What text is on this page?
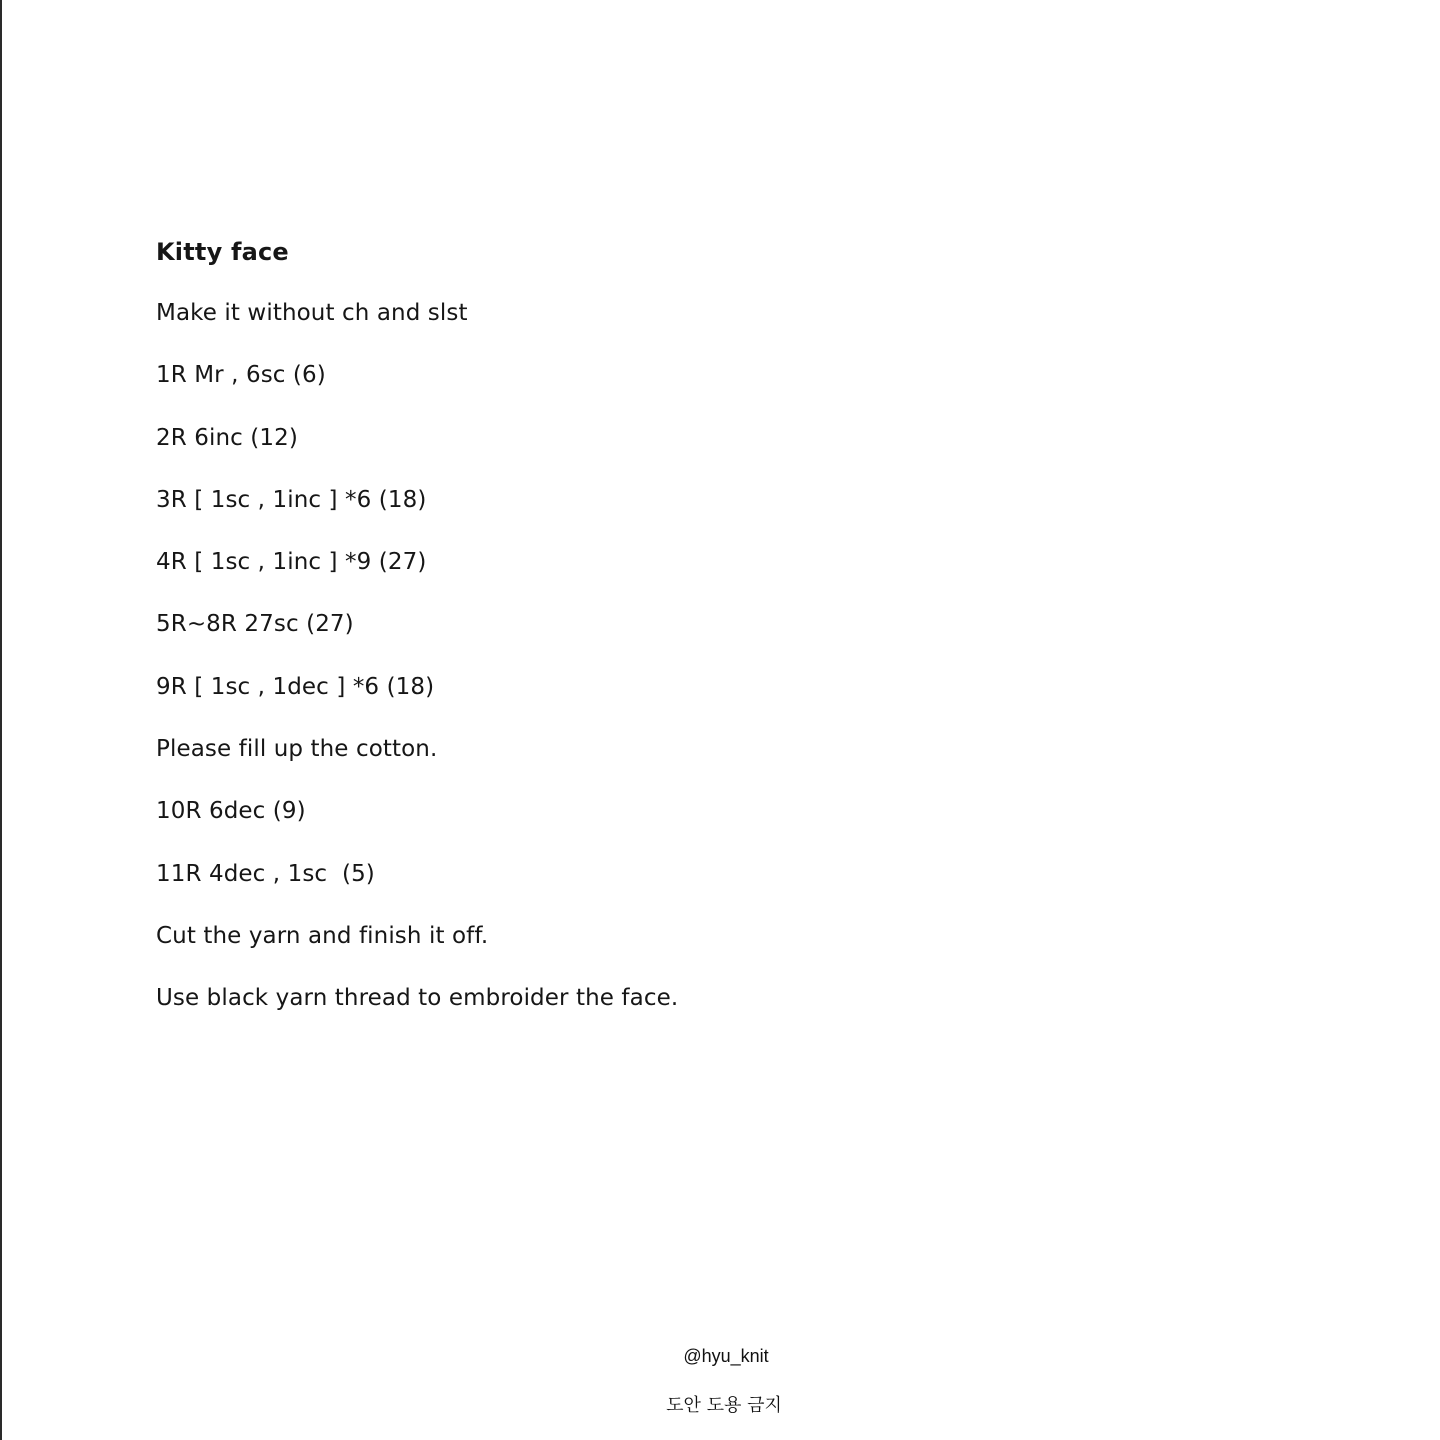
Kitty face
Make it without ch and slst
1R Mr , 6sc (6)
2R 6inc (12)
3R [ 1sc , 1inc ] *6 (18)
4R [ 1sc , 1inc ] *9 (27)
5R~8R 27sc (27)
9R [ 1sc , 1dec ] *6 (18)
Please fill up the cotton.
10R 6dec (9)
11R 4dec , 1sc  (5)
Cut the yarn and finish it off.
Use black yarn thread to embroider the face.
@hyu_knit
도안 도용 금지
